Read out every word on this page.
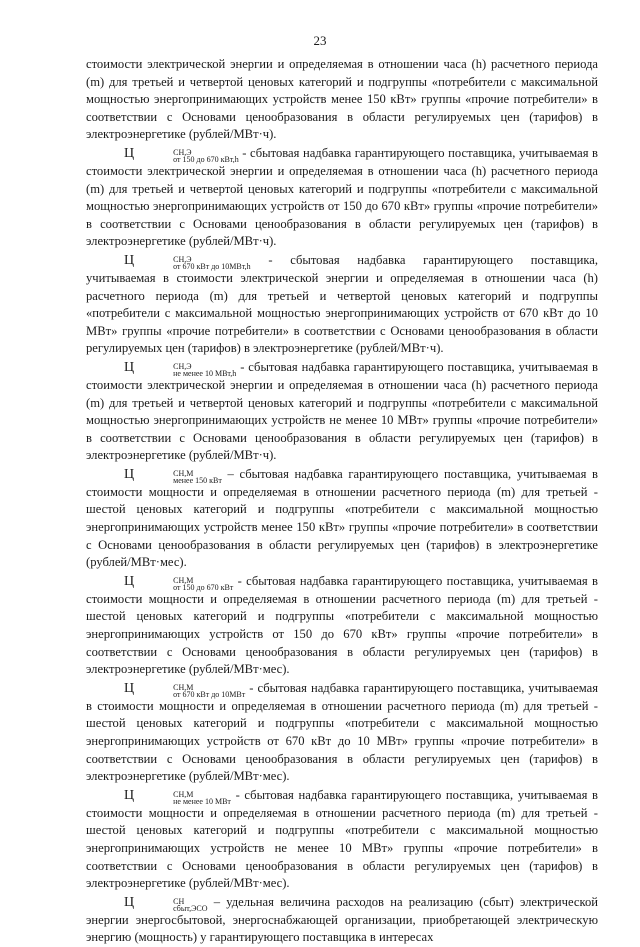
23

стоимости электрической энергии и определяемая в отношении часа (h) расчетного периода (m) для третьей и четвертой ценовых категорий и подгруппы «потребители с максимальной мощностью энергопринимающих устройств менее 150 кВт» группы «прочие потребители» в соответствии с Основами ценообразования в области регулируемых цен (тарифов) в электроэнергетике (рублей/МВт·ч).

Ц	СН,Э
от 150 до 670 кВт,h - сбытовая надбавка гарантирующего поставщика, учитываемая в стоимости электрической энергии и определяемая в отношении часа (h) расчетного периода (m) для третьей и четвертой ценовых категорий и подгруппы «потребители с максимальной мощностью энергопринимающих устройств от 150 до 670 кВт» группы «прочие потребители» в соответствии с Основами ценообразования в области регулируемых цен (тарифов) в электроэнергетике (рублей/МВт·ч).

Ц	СН,Э
от 670 кВт до 10МВт,h - сбытовая надбавка гарантирующего поставщика, учитываемая в стоимости электрической энергии и определяемая в отношении часа (h) расчетного периода (m) для третьей и четвертой ценовых категорий и подгруппы «потребители с максимальной мощностью энергопринимающих устройств от 670 кВт до 10 МВт» группы «прочие потребители» в соответствии с Основами ценообразования в области регулируемых цен (тарифов) в электроэнергетике (рублей/МВт·ч).

Ц	СН,Э
не менее 10 МВт,h - сбытовая надбавка гарантирующего поставщика, учитываемая в стоимости электрической энергии и определяемая в отношении часа (h) расчетного периода (m) для третьей и четвертой ценовых категорий и подгруппы «потребители с максимальной мощностью энергопринимающих устройств не менее 10 МВт» группы «прочие потребители» в соответствии с Основами ценообразования в области регулируемых цен (тарифов) в электроэнергетике (рублей/МВт·ч).

Ц	СН,М
менее 150 кВт – сбытовая надбавка гарантирующего поставщика, учитываемая в стоимости мощности и определяемая в отношении расчетного периода (m) для третьей - шестой ценовых категорий и подгруппы «потребители с максимальной мощностью энергопринимающих устройств менее 150 кВт» группы «прочие потребители» в соответствии с Основами ценообразования в области регулируемых цен (тарифов) в электроэнергетике (рублей/МВт·мес).

Ц	СН,М
от 150 до 670 кВт - сбытовая надбавка гарантирующего поставщика, учитываемая в стоимости мощности и определяемая в отношении расчетного периода (m) для третьей - шестой ценовых категорий и подгруппы «потребители с максимальной мощностью энергопринимающих устройств от 150 до 670 кВт» группы «прочие потребители» в соответствии с Основами ценообразования в области регулируемых цен (тарифов) в электроэнергетике (рублей/МВт·мес).

Ц	СН,М
от 670 кВт до 10МВт - сбытовая надбавка гарантирующего поставщика, учитываемая в стоимости мощности и определяемая в отношении расчетного периода (m) для третьей - шестой ценовых категорий и подгруппы «потребители с максимальной мощностью энергопринимающих устройств от 670 кВт до 10 МВт» группы «прочие потребители» в соответствии с Основами ценообразования в области регулируемых цен (тарифов) в электроэнергетике (рублей/МВт·мес).

Ц	СН,М
не менее 10 МВт - сбытовая надбавка гарантирующего поставщика, учитываемая в стоимости мощности и определяемая в отношении расчетного периода (m) для третьей - шестой ценовых категорий и подгруппы «потребители с максимальной мощностью энергопринимающих устройств не менее 10 МВт» группы «прочие потребители» в соответствии с Основами ценообразования в области регулируемых цен (тарифов) в электроэнергетике (рублей/МВт·мес).

Ц	СН
сбыт,ЭСО – удельная величина расходов на реализацию (сбыт) электрической энергии энергосбытовой, энергоснабжающей организации, приобретающей электрическую энергию (мощность) у гарантирующего поставщика в интересах
